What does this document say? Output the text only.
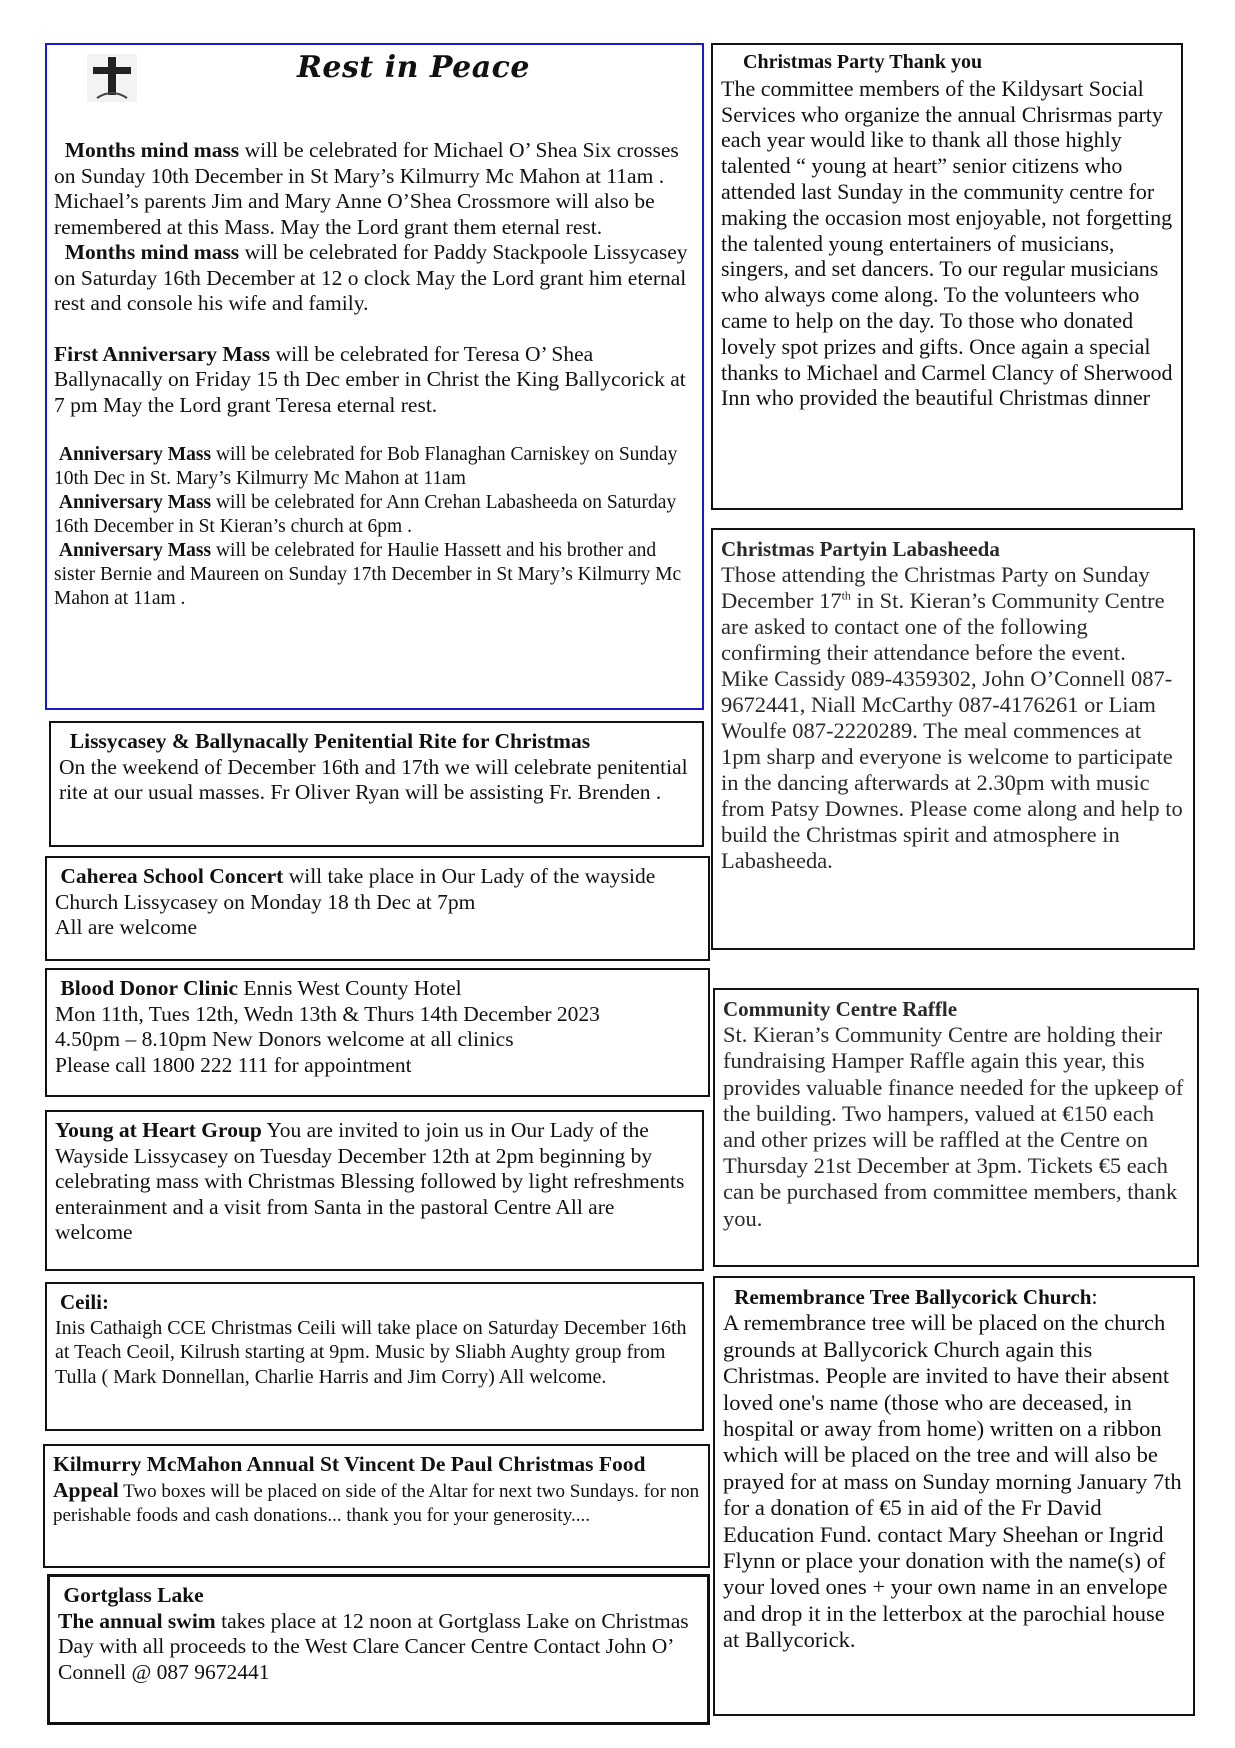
Rest in Peace

Months mind mass will be celebrated for Michael O’ Shea Six crosses on Sunday 10th December in St Mary’s Kilmurry Mc Mahon at 11am . Michael’s parents Jim and Mary Anne O’Shea Crossmore will also be remembered at this Mass. May the Lord grant them eternal rest.

Months mind mass will be celebrated for Paddy Stackpoole Lissycasey on Saturday 16th December at 12 o clock May the Lord grant him eternal rest and console his wife and family.

First Anniversary Mass will be celebrated for Teresa O’ Shea Ballynacally on Friday 15 th Dec ember in Christ the King Ballycorick at 7 pm May the Lord grant Teresa eternal rest.

Anniversary Mass will be celebrated for Bob Flanaghan Carniskey on Sunday 10th Dec in St. Mary’s Kilmurry Mc Mahon at 11am

Anniversary Mass will be celebrated for Ann Crehan Labasheeda on Saturday 16th December in St Kieran’s church at 6pm .

Anniversary Mass will be celebrated for Haulie Hassett and his brother and sister Bernie and Maureen on Sunday 17th December in St Mary’s Kilmurry Mc Mahon at 11am .

Lissycasey & Ballynacally Penitential Rite for Christmas

On the weekend of December 16th and 17th we will celebrate penitential rite at our usual masses. Fr Oliver Ryan will be assisting Fr. Brenden .

Caherea School Concert will take place in Our Lady of the wayside Church Lissycasey on Monday 18 th Dec at 7pm

All are welcome

Blood Donor Clinic Ennis West County Hotel

Mon 11th, Tues 12th, Wedn 13th & Thurs 14th December 2023

4.50pm – 8.10pm New Donors welcome at all clinics

Please call 1800 222 111 for appointment

Young at Heart Group You are invited to join us in Our Lady of the Wayside Lissycasey on Tuesday December 12th at 2pm beginning by celebrating mass with Christmas Blessing followed by light refreshments enterainment and a visit from Santa in the pastoral Centre All are welcome

Ceili:

Inis Cathaigh CCE Christmas Ceili will take place on Saturday December 16th at Teach Ceoil, Kilrush starting at 9pm. Music by Sliabh Aughty group from Tulla ( Mark Donnellan, Charlie Harris and Jim Corry) All welcome.

Kilmurry McMahon Annual St Vincent De Paul Christmas Food Appeal Two boxes will be placed on side of the Altar for next two Sundays. for non perishable foods and cash donations... thank you for your generosity....

Gortglass Lake

The annual swim takes place at 12 noon at Gortglass Lake on Christmas Day with all proceeds to the West Clare Cancer Centre Contact John O’ Connell @ 087 9672441

Christmas Party Thank you

The committee members of the Kildysart Social Services who organize the annual Chrisrmas party each year would like to thank all those highly talented “ young at heart” senior citizens who attended last Sunday in the community centre for making the occasion most enjoyable, not forgetting the talented young entertainers of musicians, singers, and set dancers. To our regular musicians who always come along. To the volunteers who came to help on the day. To those who donated lovely spot prizes and gifts. Once again a special thanks to Michael and Carmel Clancy of Sherwood Inn who provided the beautiful Christmas dinner

Christmas Partyin Labasheeda

Those attending the Christmas Party on Sunday December 17th in St. Kieran’s Community Centre are asked to contact one of the following confirming their attendance before the event.

Mike Cassidy 089-4359302, John O’Connell 087-9672441, Niall McCarthy 087-4176261 or Liam Woulfe 087-2220289. The meal commences at 1pm sharp and everyone is welcome to participate in the dancing afterwards at 2.30pm with music from Patsy Downes. Please come along and help to build the Christmas spirit and atmosphere in Labasheeda.

Community Centre Raffle

St. Kieran’s Community Centre are holding their fundraising Hamper Raffle again this year, this provides valuable finance needed for the upkeep of the building. Two hampers, valued at €150 each and other prizes will be raffled at the Centre on Thursday 21st December at 3pm. Tickets €5 each can be purchased from committee members, thank you.

Remembrance Tree Ballycorick Church:

A remembrance tree will be placed on the church grounds at Ballycorick Church again this Christmas. People are invited to have their absent loved one's name (those who are deceased, in hospital or away from home) written on a ribbon which will be placed on the tree and will also be prayed for at mass on Sunday morning January 7th for a donation of €5 in aid of the Fr David Education Fund. contact Mary Sheehan or Ingrid Flynn or place your donation with the name(s) of your loved ones + your own name in an envelope and drop it in the letterbox at the parochial house at Ballycorick.
